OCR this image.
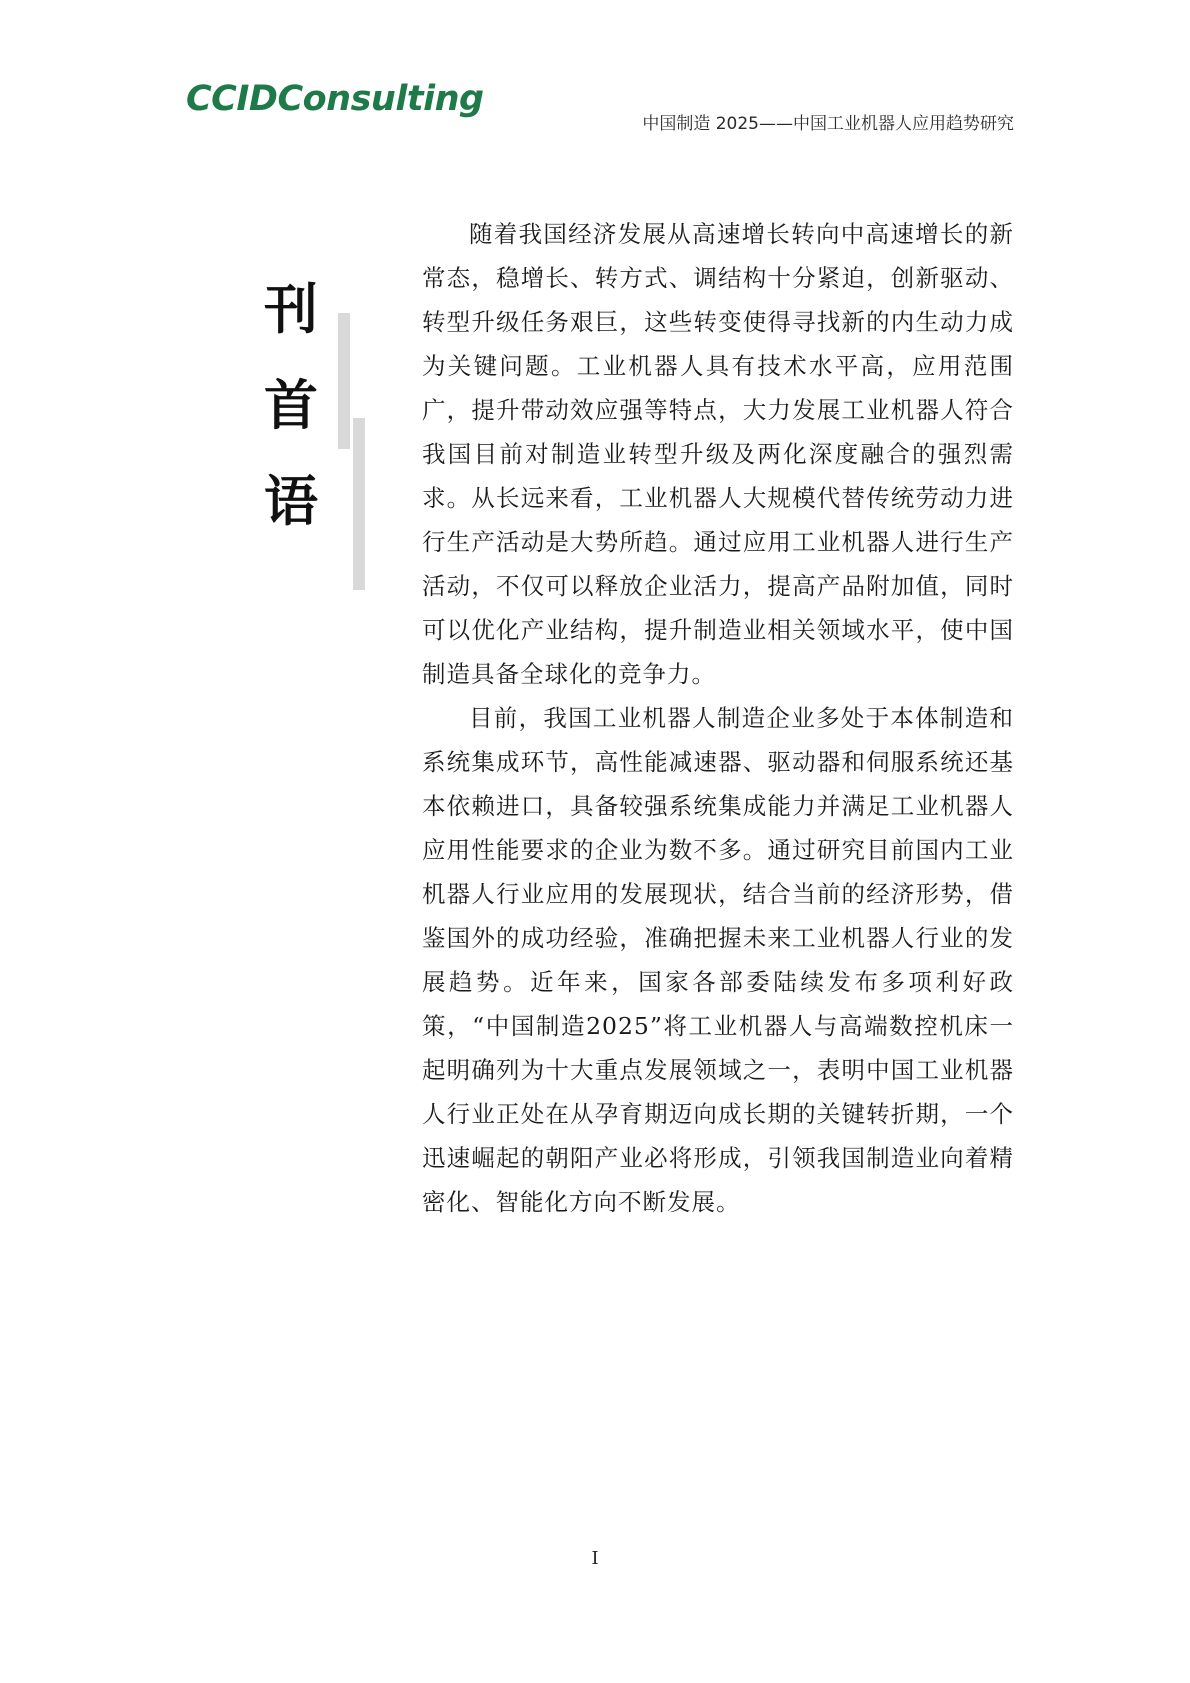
CCIDConsulting
中国制造 2025——中国工业机器人应用趋势研究
刊
首
语

随着我国经济发展从高速增长转向中高速增长的新常态，稳增长、转方式、调结构十分紧迫，创新驱动、转型升级任务艰巨，这些转变使得寻找新的内生动力成为关键问题。工业机器人具有技术水平高，应用范围广，提升带动效应强等特点，大力发展工业机器人符合我国目前对制造业转型升级及两化深度融合的强烈需求。从长远来看，工业机器人大规模代替传统劳动力进行生产活动是大势所趋。通过应用工业机器人进行生产活动，不仅可以释放企业活力，提高产品附加值，同时可以优化产业结构，提升制造业相关领域水平，使中国制造具备全球化的竞争力。

目前，我国工业机器人制造企业多处于本体制造和系统集成环节，高性能减速器、驱动器和伺服系统还基本依赖进口，具备较强系统集成能力并满足工业机器人应用性能要求的企业为数不多。通过研究目前国内工业机器人行业应用的发展现状，结合当前的经济形势，借鉴国外的成功经验，准确把握未来工业机器人行业的发展趋势。近年来，国家各部委陆续发布多项利好政策，“中国制造2025”将工业机器人与高端数控机床一起明确列为十大重点发展领域之一，表明中国工业机器人行业正处在从孕育期迈向成长期的关键转折期，一个迅速崛起的朝阳产业必将形成，引领我国制造业向着精密化、智能化方向不断发展。

I
